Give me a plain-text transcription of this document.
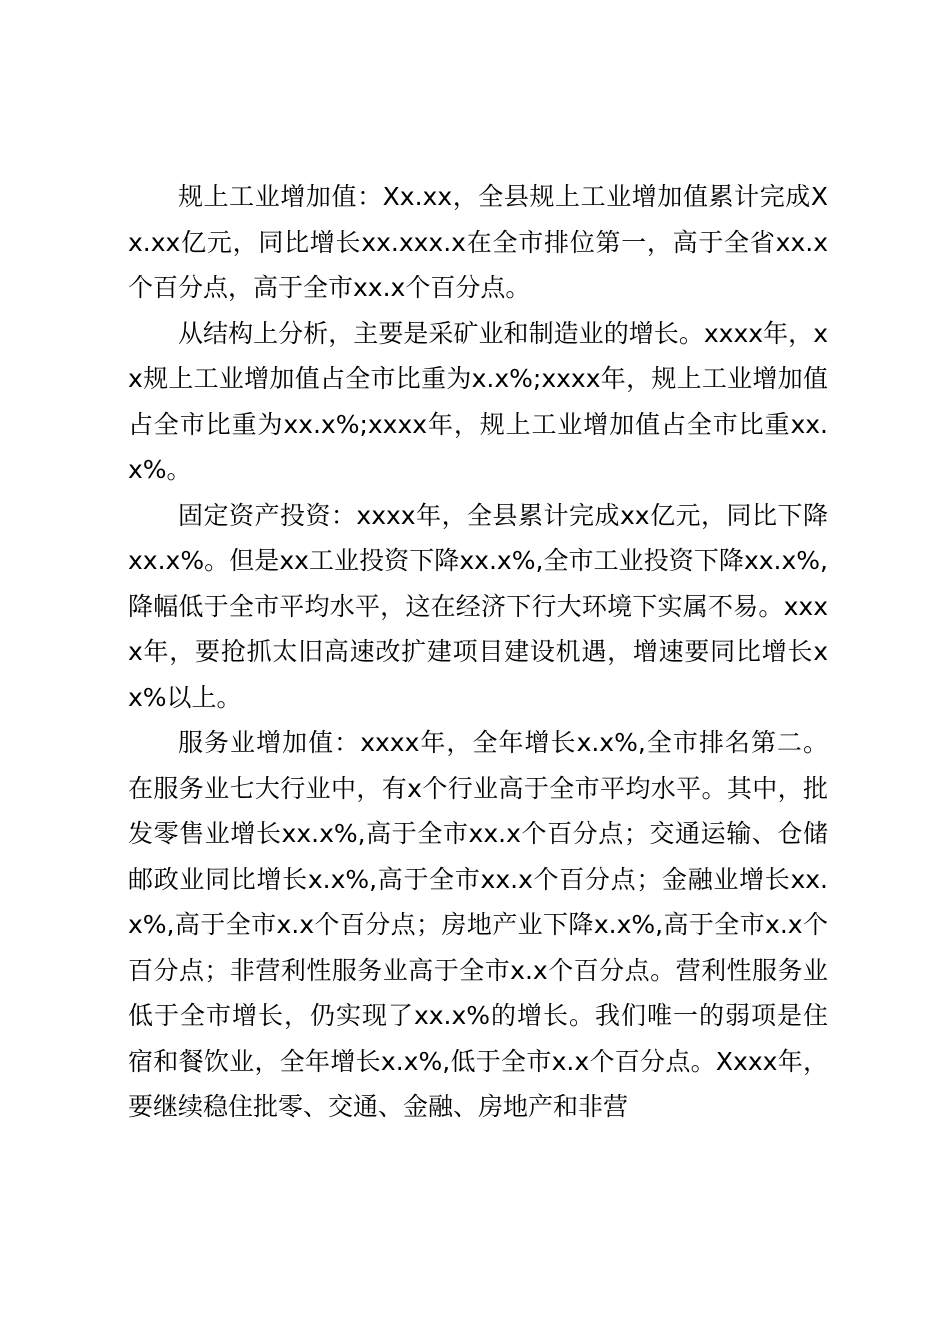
规上工业增加值：Xx.xx，全县规上工业增加值累计完成Xx.xx亿元，同比增长xx.xxx.x在全市排位第一，高于全省xx.x个百分点，高于全市xx.x个百分点。

从结构上分析，主要是采矿业和制造业的增长。xxxx年，xx规上工业增加值占全市比重为x.x%;xxxx年，规上工业增加值占全市比重为xx.x%;xxxx年，规上工业增加值占全市比重xx.x%。

固定资产投资：xxxx年，全县累计完成xx亿元，同比下降xx.x%。但是xx工业投资下降xx.x%,全市工业投资下降xx.x%,降幅低于全市平均水平，这在经济下行大环境下实属不易。xxxx年，要抢抓太旧高速改扩建项目建设机遇，增速要同比增长xx%以上。

服务业增加值：xxxx年，全年增长x.x%,全市排名第二。在服务业七大行业中，有x个行业高于全市平均水平。其中，批发零售业增长xx.x%,高于全市xx.x个百分点；交通运输、仓储邮政业同比增长x.x%,高于全市xx.x个百分点；金融业增长xx.x%,高于全市x.x个百分点；房地产业下降x.x%,高于全市x.x个百分点；非营利性服务业高于全市x.x个百分点。营利性服务业低于全市增长，仍实现了xx.x%的增长。我们唯一的弱项是住宿和餐饮业，全年增长x.x%,低于全市x.x个百分点。Xxxx年，要继续稳住批零、交通、金融、房地产和非营
